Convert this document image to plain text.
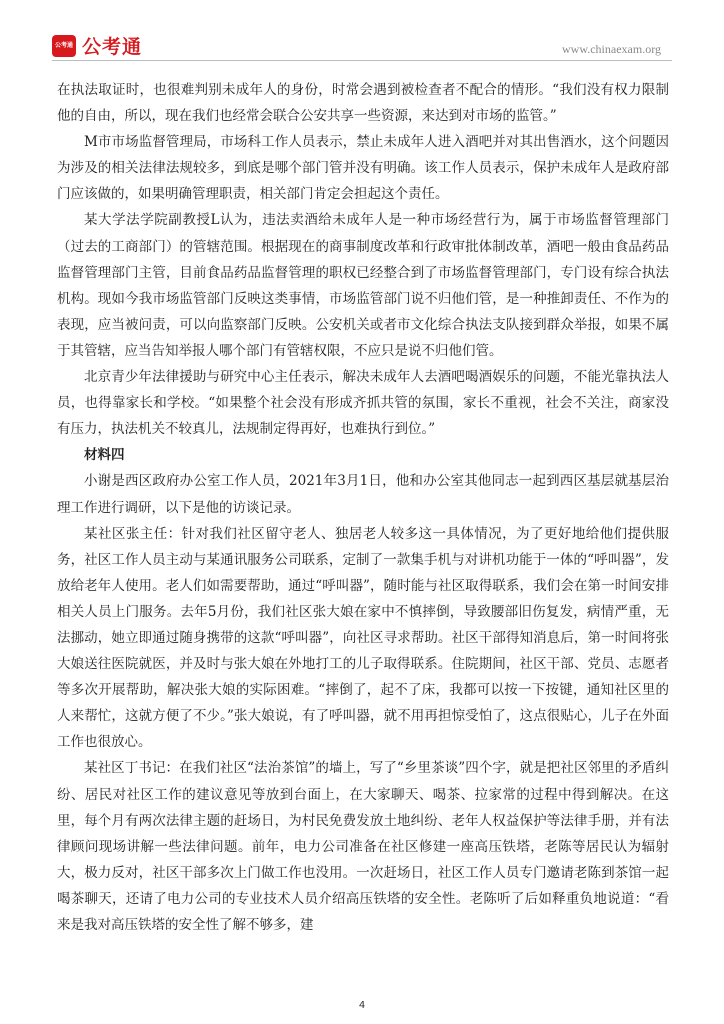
公考通 公考通	www.chinaexam.org

在执法取证时，也很难判别未成年人的身份，时常会遇到被检查者不配合的情形。“我们没有权力限制他的自由，所以，现在我们也经常会联合公安共享一些资源，来达到对市场的监管。”

M市市场监督管理局，市场科工作人员表示，禁止未成年人进入酒吧并对其出售酒水，这个问题因为涉及的相关法律法规较多，到底是哪个部门管并没有明确。该工作人员表示，保护未成年人是政府部门应该做的，如果明确管理职责，相关部门肯定会担起这个责任。

某大学法学院副教授L认为，违法卖酒给未成年人是一种市场经营行为，属于市场监督管理部门（过去的工商部门）的管辖范围。根据现在的商事制度改革和行政审批体制改革，酒吧一般由食品药品监督管理部门主管，目前食品药品监督管理的职权已经整合到了市场监督管理部门，专门设有综合执法机构。现如今我市场监管部门反映这类事情，市场监管部门说不归他们管，是一种推卸责任、不作为的表现，应当被问责，可以向监察部门反映。公安机关或者市文化综合执法支队接到群众举报，如果不属于其管辖，应当告知举报人哪个部门有管辖权限，不应只是说不归他们管。

北京青少年法律援助与研究中心主任表示，解决未成年人去酒吧喝酒娱乐的问题，不能光靠执法人员，也得靠家长和学校。“如果整个社会没有形成齐抓共管的氛围，家长不重视，社会不关注，商家没有压力，执法机关不较真儿，法规制定得再好，也难执行到位。”

材料四

小谢是西区政府办公室工作人员，2021年3月1日，他和办公室其他同志一起到西区基层就基层治理工作进行调研，以下是他的访谈记录。

某社区张主任：针对我们社区留守老人、独居老人较多这一具体情况，为了更好地给他们提供服务，社区工作人员主动与某通讯服务公司联系，定制了一款集手机与对讲机功能于一体的“呼叫器”，发放给老年人使用。老人们如需要帮助，通过“呼叫器”，随时能与社区取得联系，我们会在第一时间安排相关人员上门服务。去年5月份，我们社区张大娘在家中不慎摔倒，导致腰部旧伤复发，病情严重，无法挪动，她立即通过随身携带的这款“呼叫器”，向社区寻求帮助。社区干部得知消息后，第一时间将张大娘送往医院就医，并及时与张大娘在外地打工的儿子取得联系。住院期间，社区干部、党员、志愿者等多次开展帮助，解决张大娘的实际困难。“摔倒了，起不了床，我都可以按一下按键，通知社区里的人来帮忙，这就方便了不少。”张大娘说，有了呼叫器，就不用再担惊受怕了，这点很贴心，儿子在外面工作也很放心。

某社区丁书记：在我们社区“法治茶馆”的墙上，写了“乡里茶谈”四个字，就是把社区邻里的矛盾纠纷、居民对社区工作的建议意见等放到台面上，在大家聊天、喝茶、拉家常的过程中得到解决。在这里，每个月有两次法律主题的赶场日，为村民免费发放土地纠纷、老年人权益保护等法律手册，并有法律顾问现场讲解一些法律问题。前年，电力公司准备在社区修建一座高压铁塔，老陈等居民认为辐射大，极力反对，社区干部多次上门做工作也没用。一次赶场日，社区工作人员专门邀请老陈到茶馆一起喝茶聊天，还请了电力公司的专业技术人员介绍高压铁塔的安全性。老陈听了后如释重负地说道：“看来是我对高压铁塔的安全性了解不够多，建

4
